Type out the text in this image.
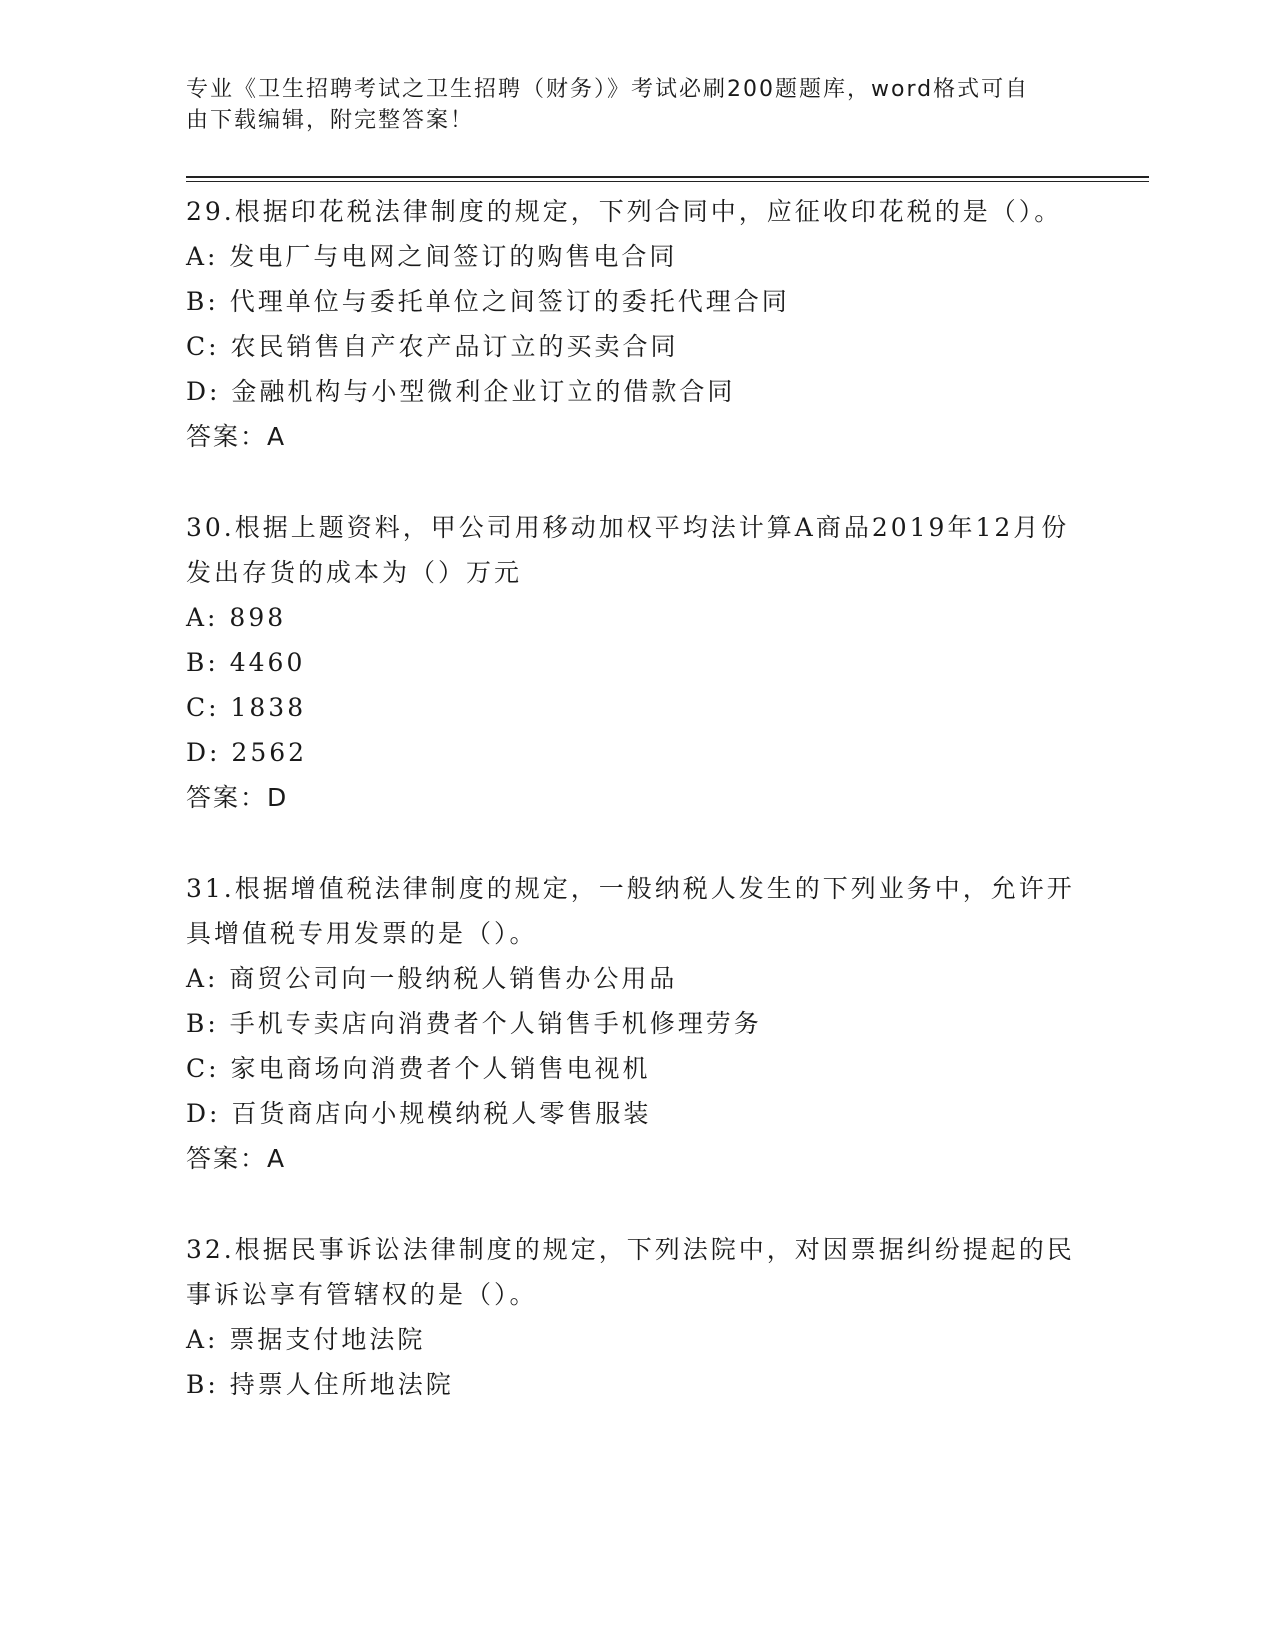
专业《卫生招聘考试之卫生招聘（财务）》考试必刷200题题库，word格式可自
由下载编辑，附完整答案！
29.根据印花税法律制度的规定，下列合同中，应征收印花税的是（）。
A: 发电厂与电网之间签订的购售电合同
B: 代理单位与委托单位之间签订的委托代理合同
C: 农民销售自产农产品订立的买卖合同
D: 金融机构与小型微利企业订立的借款合同
答案：A
30.根据上题资料，甲公司用移动加权平均法计算A商品2019年12月份发出存货的成本为（）万元
A: 898
B: 4460
C: 1838
D: 2562
答案：D
31.根据增值税法律制度的规定，一般纳税人发生的下列业务中，允许开具增值税专用发票的是（）。
A: 商贸公司向一般纳税人销售办公用品
B: 手机专卖店向消费者个人销售手机修理劳务
C: 家电商场向消费者个人销售电视机
D: 百货商店向小规模纳税人零售服装
答案：A
32.根据民事诉讼法律制度的规定，下列法院中，对因票据纠纷提起的民事诉讼享有管辖权的是（）。
A: 票据支付地法院
B: 持票人住所地法院
